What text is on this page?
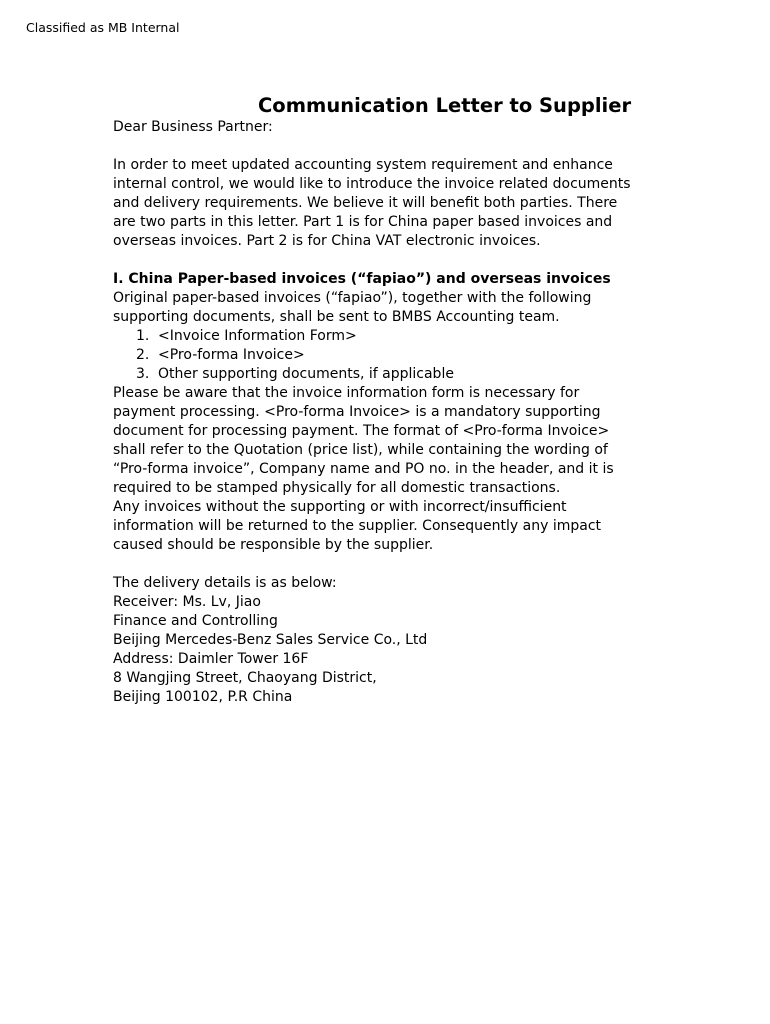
Classified as MB Internal
Communication Letter to Supplier

Dear Business Partner:

In order to meet updated accounting system requirement and enhance

internal control, we would like to introduce the invoice related documents

and delivery requirements. We believe it will benefit both parties. There

are two parts in this letter. Part 1 is for China paper based invoices and

overseas invoices. Part 2 is for China VAT electronic invoices.

I. China Paper-based invoices (“fapiao”) and overseas invoices

Original paper-based invoices (“fapiao”), together with the following

supporting documents, shall be sent to BMBS Accounting team.

1. <Invoice Information Form>
2. <Pro-forma Invoice>
3. Other supporting documents, if applicable

Please be aware that the invoice information form is necessary for

payment processing. <Pro-forma Invoice> is a mandatory supporting

document for processing payment. The format of <Pro-forma Invoice>

shall refer to the Quotation (price list), while containing the wording of

“Pro-forma invoice”, Company name and PO no. in the header, and it is

required to be stamped physically for all domestic transactions.

Any invoices without the supporting or with incorrect/insufficient

information will be returned to the supplier. Consequently any impact

caused should be responsible by the supplier.

The delivery details is as below:

Receiver: Ms. Lv, Jiao

Finance and Controlling

Beijing Mercedes-Benz Sales Service Co., Ltd

Address: Daimler Tower 16F

8 Wangjing Street, Chaoyang District,

Beijing 100102, P.R China
